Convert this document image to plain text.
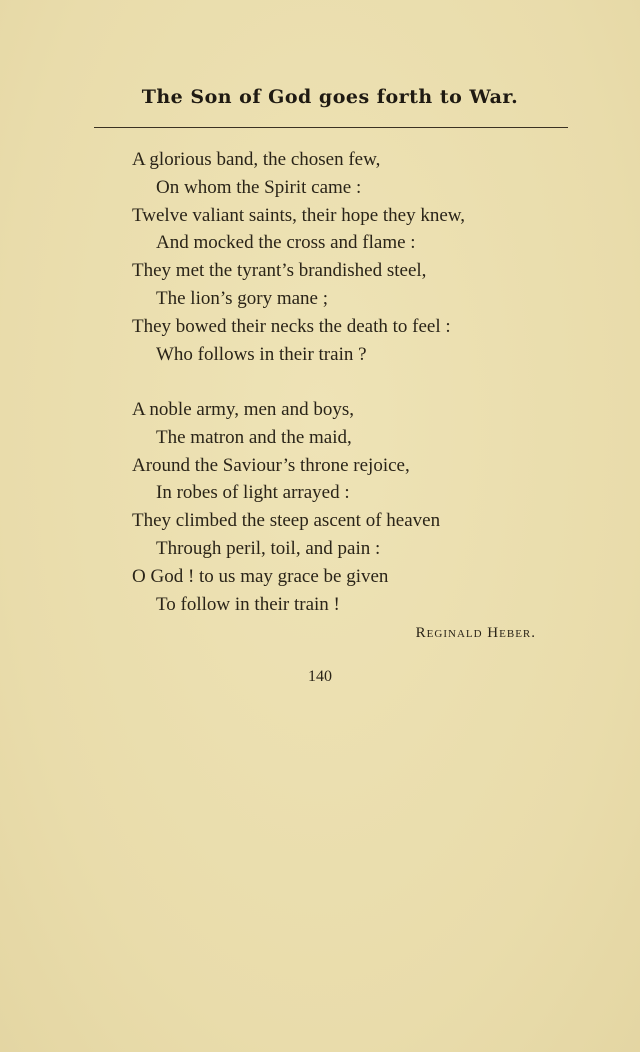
The Son of God goes forth to War.
A glorious band, the chosen few,
On whom the Spirit came :
Twelve valiant saints, their hope they knew,
And mocked the cross and flame :
They met the tyrant’s brandished steel,
The lion’s gory mane ;
They bowed their necks the death to feel :
Who follows in their train ?
A noble army, men and boys,
The matron and the maid,
Around the Saviour’s throne rejoice,
In robes of light arrayed :
They climbed the steep ascent of heaven
Through peril, toil, and pain :
O God ! to us may grace be given
To follow in their train !
Reginald Heber.
140
